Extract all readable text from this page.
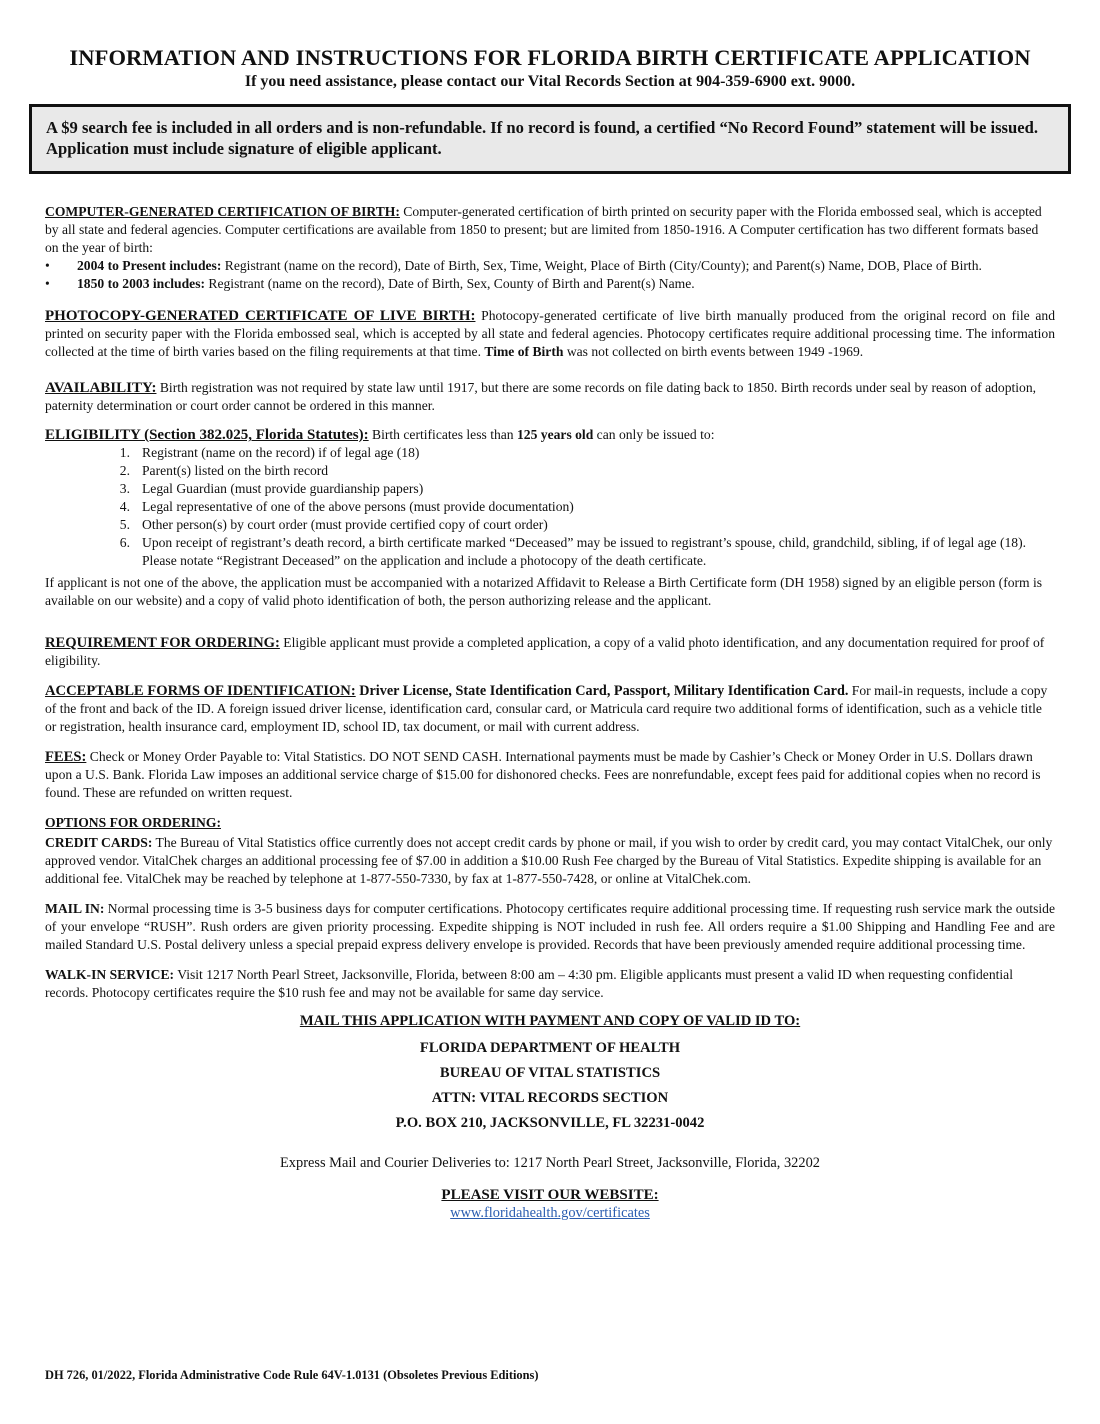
INFORMATION AND INSTRUCTIONS FOR FLORIDA BIRTH CERTIFICATE APPLICATION

If you need assistance, please contact our Vital Records Section at 904-359-6900 ext. 9000.

A $9 search fee is included in all orders and is non-refundable. If no record is found, a certified “No Record Found” statement will be issued. Application must include signature of eligible applicant.

COMPUTER-GENERATED CERTIFICATION OF BIRTH: Computer-generated certification of birth printed on security paper with the Florida embossed seal, which is accepted by all state and federal agencies. Computer certifications are available from 1850 to present; but are limited from 1850-1916. A Computer certification has two different formats based on the year of birth:

• 2004 to Present includes: Registrant (name on the record), Date of Birth, Sex, Time, Weight, Place of Birth (City/County); and Parent(s) Name, DOB, Place of Birth.
• 1850 to 2003 includes: Registrant (name on the record), Date of Birth, Sex, County of Birth and Parent(s) Name.

PHOTOCOPY-GENERATED CERTIFICATE OF LIVE BIRTH: Photocopy-generated certificate of live birth manually produced from the original record on file and printed on security paper with the Florida embossed seal, which is accepted by all state and federal agencies. Photocopy certificates require additional processing time. The information collected at the time of birth varies based on the filing requirements at that time. Time of Birth was not collected on birth events between 1949 -1969.

AVAILABILITY: Birth registration was not required by state law until 1917, but there are some records on file dating back to 1850. Birth records under seal by reason of adoption, paternity determination or court order cannot be ordered in this manner.

ELIGIBILITY (Section 382.025, Florida Statutes): Birth certificates less than 125 years old can only be issued to:

1. Registrant (name on the record) if of legal age (18)
2. Parent(s) listed on the birth record
3. Legal Guardian (must provide guardianship papers)
4. Legal representative of one of the above persons (must provide documentation)
5. Other person(s) by court order (must provide certified copy of court order)
6. Upon receipt of registrant’s death record, a birth certificate marked “Deceased” may be issued to registrant’s spouse, child, grandchild, sibling, if of legal age (18). Please notate “Registrant Deceased” on the application and include a photocopy of the death certificate.

If applicant is not one of the above, the application must be accompanied with a notarized Affidavit to Release a Birth Certificate form (DH 1958) signed by an eligible person (form is available on our website) and a copy of valid photo identification of both, the person authorizing release and the applicant.

REQUIREMENT FOR ORDERING: Eligible applicant must provide a completed application, a copy of a valid photo identification, and any documentation required for proof of eligibility.

ACCEPTABLE FORMS OF IDENTIFICATION: Driver License, State Identification Card, Passport, Military Identification Card. For mail-in requests, include a copy of the front and back of the ID. A foreign issued driver license, identification card, consular card, or Matricula card require two additional forms of identification, such as a vehicle title or registration, health insurance card, employment ID, school ID, tax document, or mail with current address.

FEES: Check or Money Order Payable to: Vital Statistics. DO NOT SEND CASH. International payments must be made by Cashier’s Check or Money Order in U.S. Dollars drawn upon a U.S. Bank. Florida Law imposes an additional service charge of $15.00 for dishonored checks. Fees are nonrefundable, except fees paid for additional copies when no record is found. These are refunded on written request.

OPTIONS FOR ORDERING:

CREDIT CARDS: The Bureau of Vital Statistics office currently does not accept credit cards by phone or mail, if you wish to order by credit card, you may contact VitalChek, our only approved vendor. VitalChek charges an additional processing fee of $7.00 in addition a $10.00 Rush Fee charged by the Bureau of Vital Statistics. Expedite shipping is available for an additional fee. VitalChek may be reached by telephone at 1-877-550-7330, by fax at 1-877-550-7428, or online at VitalChek.com.

MAIL IN: Normal processing time is 3-5 business days for computer certifications. Photocopy certificates require additional processing time. If requesting rush service mark the outside of your envelope “RUSH”. Rush orders are given priority processing. Expedite shipping is NOT included in rush fee. All orders require a $1.00 Shipping and Handling Fee and are mailed Standard U.S. Postal delivery unless a special prepaid express delivery envelope is provided. Records that have been previously amended require additional processing time.

WALK-IN SERVICE: Visit 1217 North Pearl Street, Jacksonville, Florida, between 8:00 am – 4:30 pm. Eligible applicants must present a valid ID when requesting confidential records. Photocopy certificates require the $10 rush fee and may not be available for same day service.

MAIL THIS APPLICATION WITH PAYMENT AND COPY OF VALID ID TO:

FLORIDA DEPARTMENT OF HEALTH
BUREAU OF VITAL STATISTICS
ATTN: VITAL RECORDS SECTION
P.O. BOX 210, JACKSONVILLE, FL 32231-0042

Express Mail and Courier Deliveries to: 1217 North Pearl Street, Jacksonville, Florida, 32202

PLEASE VISIT OUR WEBSITE:

www.floridahealth.gov/certificates

DH 726, 01/2022, Florida Administrative Code Rule 64V-1.0131 (Obsoletes Previous Editions)
